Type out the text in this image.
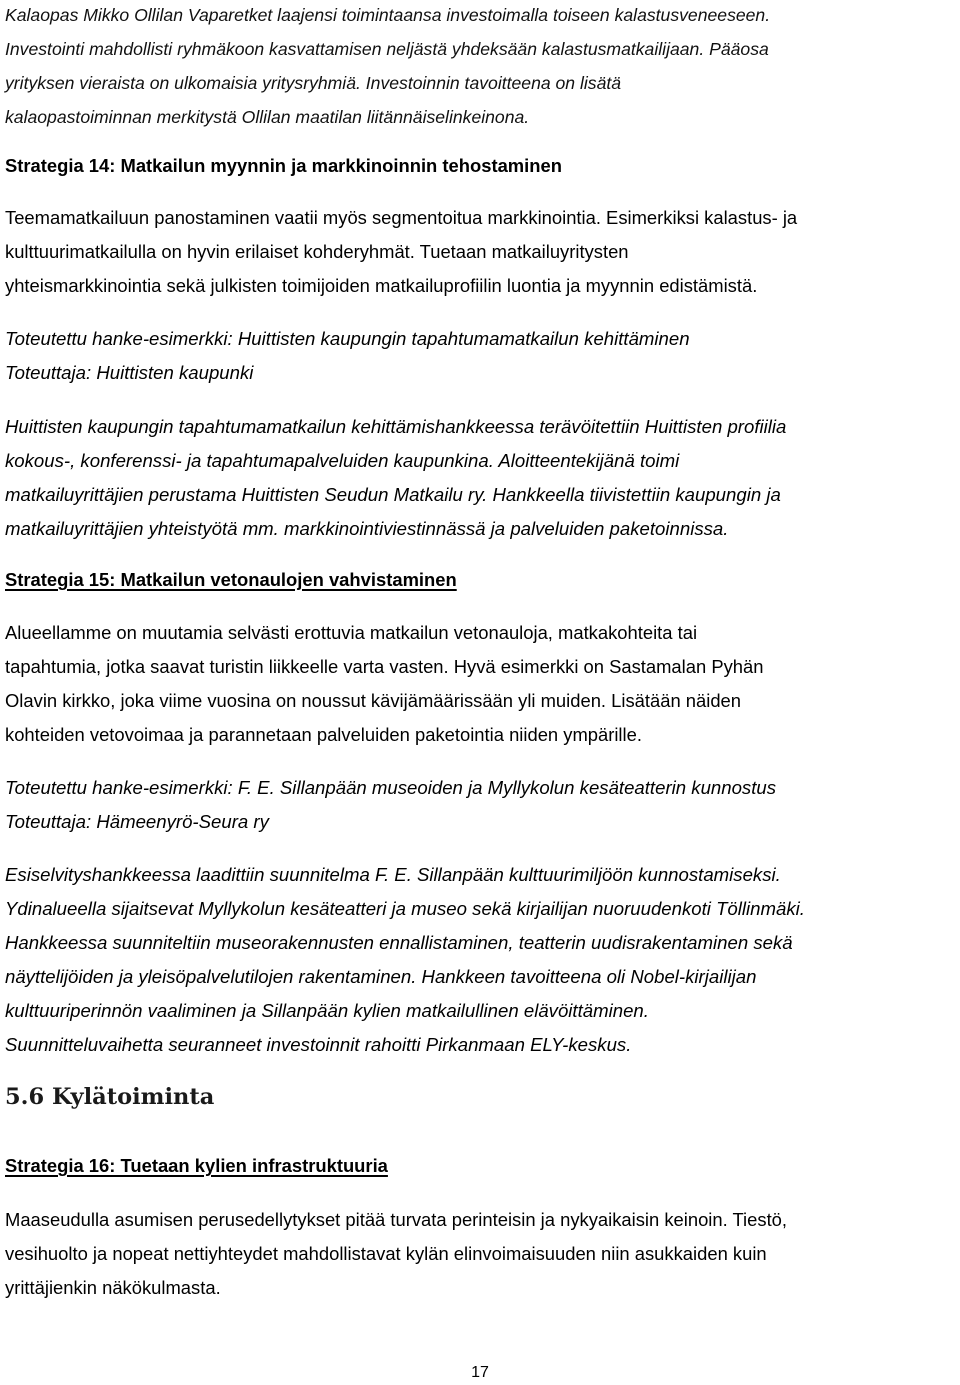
Kalaopas Mikko Ollilan Vaparetket laajensi toimintaansa investoimalla toiseen kalastusveneeseen.
Investointi mahdollisti ryhmäkoon kasvattamisen neljästä yhdeksään kalastusmatkailijaan. Pääosa
yrityksen vieraista on ulkomaisia yritysryhmiä. Investoinnin tavoitteena on lisätä
kalaopastoiminnan merkitystä Ollilan maatilan liitännäiselinkeinona.
Strategia 14: Matkailun myynnin ja markkinoinnin tehostaminen
Teemamatkailuun panostaminen vaatii myös segmentoitua markkinointia. Esimerkiksi kalastus- ja
kulttuurimatkailulla on hyvin erilaiset kohderyhmät. Tuetaan matkailuyritysten
yhteismarkkinointia sekä julkisten toimijoiden matkailuprofiilin luontia ja myynnin edistämistä.
Toteutettu hanke-esimerkki: Huittisten kaupungin tapahtumamatkailun kehittäminen
Toteuttaja: Huittisten kaupunki
Huittisten kaupungin tapahtumamatkailun kehittämishankkeessa terävöitettiin Huittisten profiilia
kokous-, konferenssi- ja tapahtumapalveluiden kaupunkina. Aloitteentekijänä toimi
matkailuyrittäjien perustama Huittisten Seudun Matkailu ry. Hankkeella tiivistettiin kaupungin ja
matkailuyrittäjien yhteistyötä mm. markkinointiviestinnässä ja palveluiden paketoinnissa.
Strategia 15: Matkailun vetonaulojen vahvistaminen
Alueellamme on muutamia selvästi erottuvia matkailun vetonauloja, matkakohteita tai
tapahtumia, jotka saavat turistin liikkeelle varta vasten. Hyvä esimerkki on Sastamalan Pyhän
Olavin kirkko, joka viime vuosina on noussut kävijämäärissään yli muiden. Lisätään näiden
kohteiden vetovoimaa ja parannetaan palveluiden paketointia niiden ympärille.
Toteutettu hanke-esimerkki: F. E. Sillanpään museoiden ja Myllykolun kesäteatterin kunnostus
Toteuttaja: Hämeenyrö-Seura ry
Esiselvityshankkeessa laadittiin suunnitelma F. E. Sillanpään kulttuurimiljöön kunnostamiseksi.
Ydinalueella sijaitsevat Myllykolun kesäteatteri ja museo sekä kirjailijan nuoruudenkoti Töllinmäki.
Hankkeessa suunniteltiin museorakennusten ennallistaminen, teatterin uudisrakentaminen sekä
näyttelijöiden ja yleisöpalvelutilojen rakentaminen. Hankkeen tavoitteena oli Nobel-kirjailijan
kulttuuriperinnön vaaliminen ja Sillanpään kylien matkailullinen elävöittäminen.
Suunnitteluvaihetta seuranneet investoinnit rahoitti Pirkanmaan ELY-keskus.
5.6 Kylätoiminta
Strategia 16: Tuetaan kylien infrastruktuuria
Maaseudulla asumisen perusedellytykset pitää turvata perinteisin ja nykyaikaisin keinoin. Tiestö,
vesihuolto ja nopeat nettiyhteydet mahdollistavat kylän elinvoimaisuuden niin asukkaiden kuin
yrittäjienkin näkökulmasta.
17
